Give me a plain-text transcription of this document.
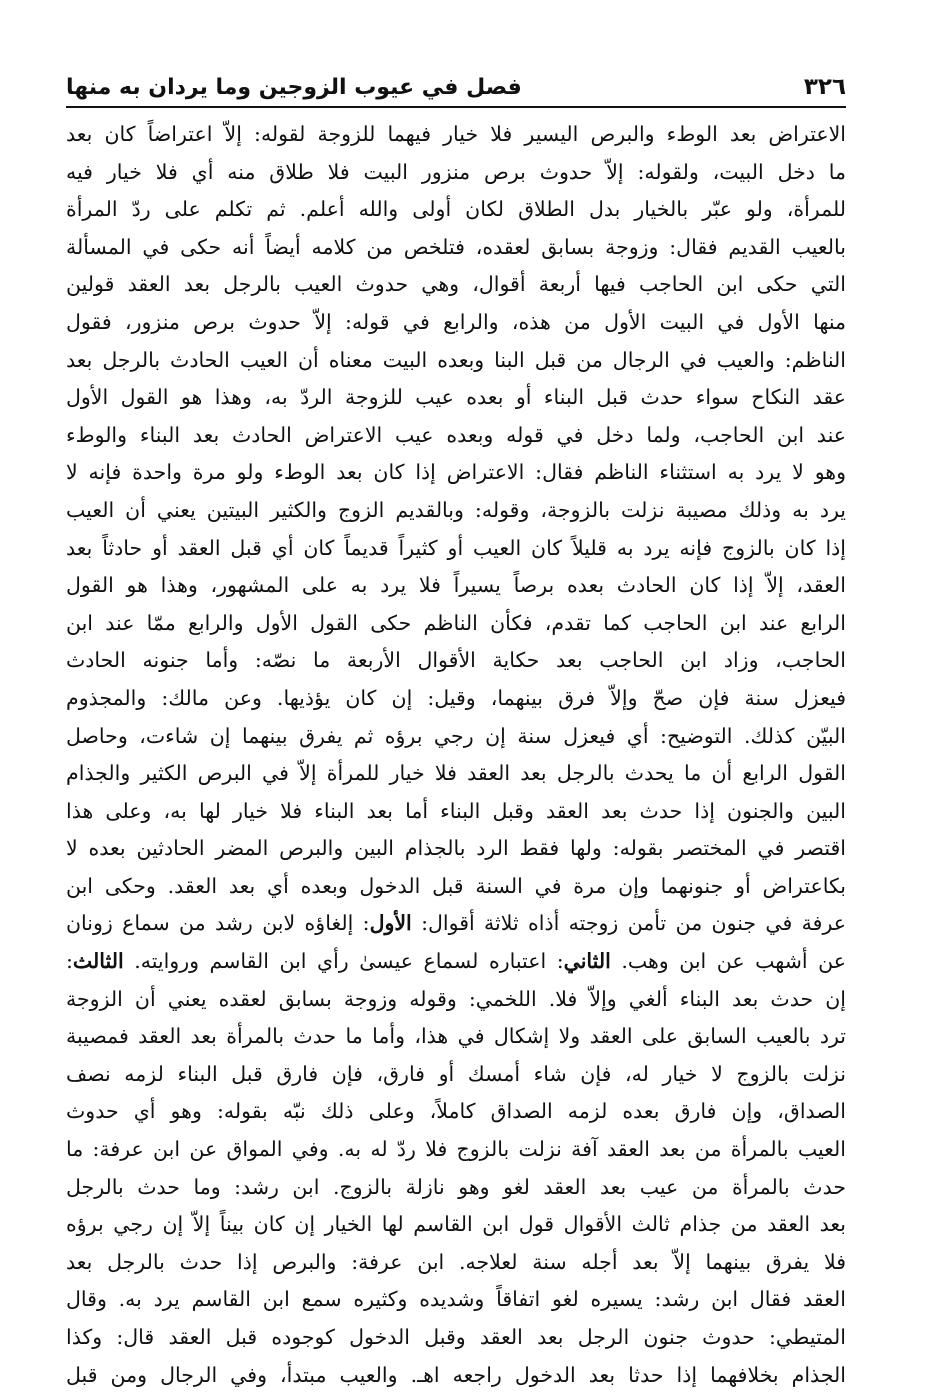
٣٢٦
فصل في عيوب الزوجين وما يردان به منها
الاعتراض بعد الوطء والبرص اليسير فلا خيار فيهما للزوجة لقوله: إلاّ اعتراضاً كان بعد
ما دخل البيت، ولقوله: إلاّ حدوث برص منزور البيت فلا طلاق منه أي فلا خيار فيه
للمرأة، ولو عبّر بالخيار بدل الطلاق لكان أولى والله أعلم. ثم تكلم على ردّ المرأة
بالعيب القديم فقال: وزوجة بسابق لعقده، فتلخص من كلامه أيضاً أنه حكى في المسألة
التي حكى ابن الحاجب فيها أربعة أقوال، وهي حدوث العيب بالرجل بعد العقد قولين
منها الأول في البيت الأول من هذه، والرابع في قوله: إلاّ حدوث برص منزور، فقول
الناظم: والعيب في الرجال من قبل البنا وبعده البيت معناه أن العيب الحادث بالرجل بعد
عقد النكاح سواء حدث قبل البناء أو بعده عيب للزوجة الردّ به، وهذا هو القول الأول
عند ابن الحاجب، ولما دخل في قوله وبعده عيب الاعتراض الحادث بعد البناء والوطء
وهو لا يرد به استثناء الناظم فقال: الاعتراض إذا كان بعد الوطء ولو مرة واحدة فإنه لا
يرد به وذلك مصيبة نزلت بالزوجة، وقوله: وبالقديم الزوج والكثير البيتين يعني أن العيب
إذا كان بالزوج فإنه يرد به قليلاً كان العيب أو كثيراً قديماً كان أي قبل العقد أو حادثاً بعد
العقد، إلاّ إذا كان الحادث بعده برصاً يسيراً فلا يرد به على المشهور، وهذا هو القول
الرابع عند ابن الحاجب كما تقدم، فكأن الناظم حكى القول الأول والرابع ممّا عند ابن
الحاجب، وزاد ابن الحاجب بعد حكاية الأقوال الأربعة ما نصّه: وأما جنونه الحادث
فيعزل سنة فإن صحّ وإلاّ فرق بينهما، وقيل: إن كان يؤذيها. وعن مالك: والمجذوم
البيّن كذلك. التوضيح: أي فيعزل سنة إن رجي برؤه ثم يفرق بينهما إن شاءت، وحاصل
القول الرابع أن ما يحدث بالرجل بعد العقد فلا خيار للمرأة إلاّ في البرص الكثير والجذام
البين والجنون إذا حدث بعد العقد وقبل البناء أما بعد البناء فلا خيار لها به، وعلى هذا
اقتصر في المختصر بقوله: ولها فقط الرد بالجذام البين والبرص المضر الحادثين بعده لا
بكاعتراض أو جنونهما وإن مرة في السنة قبل الدخول وبعده أي بعد العقد. وحكى ابن
عرفة في جنون من تأمن زوجته أذاه ثلاثة أقوال: الأول: إلغاؤه لابن رشد من سماع زونان
عن أشهب عن ابن وهب. الثاني: اعتباره لسماع عيسىٰ رأي ابن القاسم وروايته. الثالث:
إن حدث بعد البناء ألغي وإلاّ فلا. اللخمي: وقوله وزوجة بسابق لعقده يعني أن الزوجة
ترد بالعيب السابق على العقد ولا إشكال في هذا، وأما ما حدث بالمرأة بعد العقد فمصيبة
نزلت بالزوج لا خيار له، فإن شاء أمسك أو فارق، فإن فارق قبل البناء لزمه نصف
الصداق، وإن فارق بعده لزمه الصداق كاملاً، وعلى ذلك نبّه بقوله: وهو أي حدوث
العيب بالمرأة من بعد العقد آفة نزلت بالزوج فلا ردّ له به. وفي المواق عن ابن عرفة: ما
حدث بالمرأة من عيب بعد العقد لغو وهو نازلة بالزوج. ابن رشد: وما حدث بالرجل
بعد العقد من جذام ثالث الأقوال قول ابن القاسم لها الخيار إن كان بيناً إلاّ إن رجي برؤه
فلا يفرق بينهما إلاّ بعد أجله سنة لعلاجه. ابن عرفة: والبرص إذا حدث بالرجل بعد
العقد فقال ابن رشد: يسيره لغو اتفاقاً وشديده وكثيره سمع ابن القاسم يرد به. وقال
المتيطي: حدوث جنون الرجل بعد العقد وقبل الدخول كوجوده قبل العقد قال: وكذا
الجذام بخلافهما إذا حدثا بعد الدخول راجعه اهـ. والعيب مبتدأ، وفي الرجال ومن قبل
